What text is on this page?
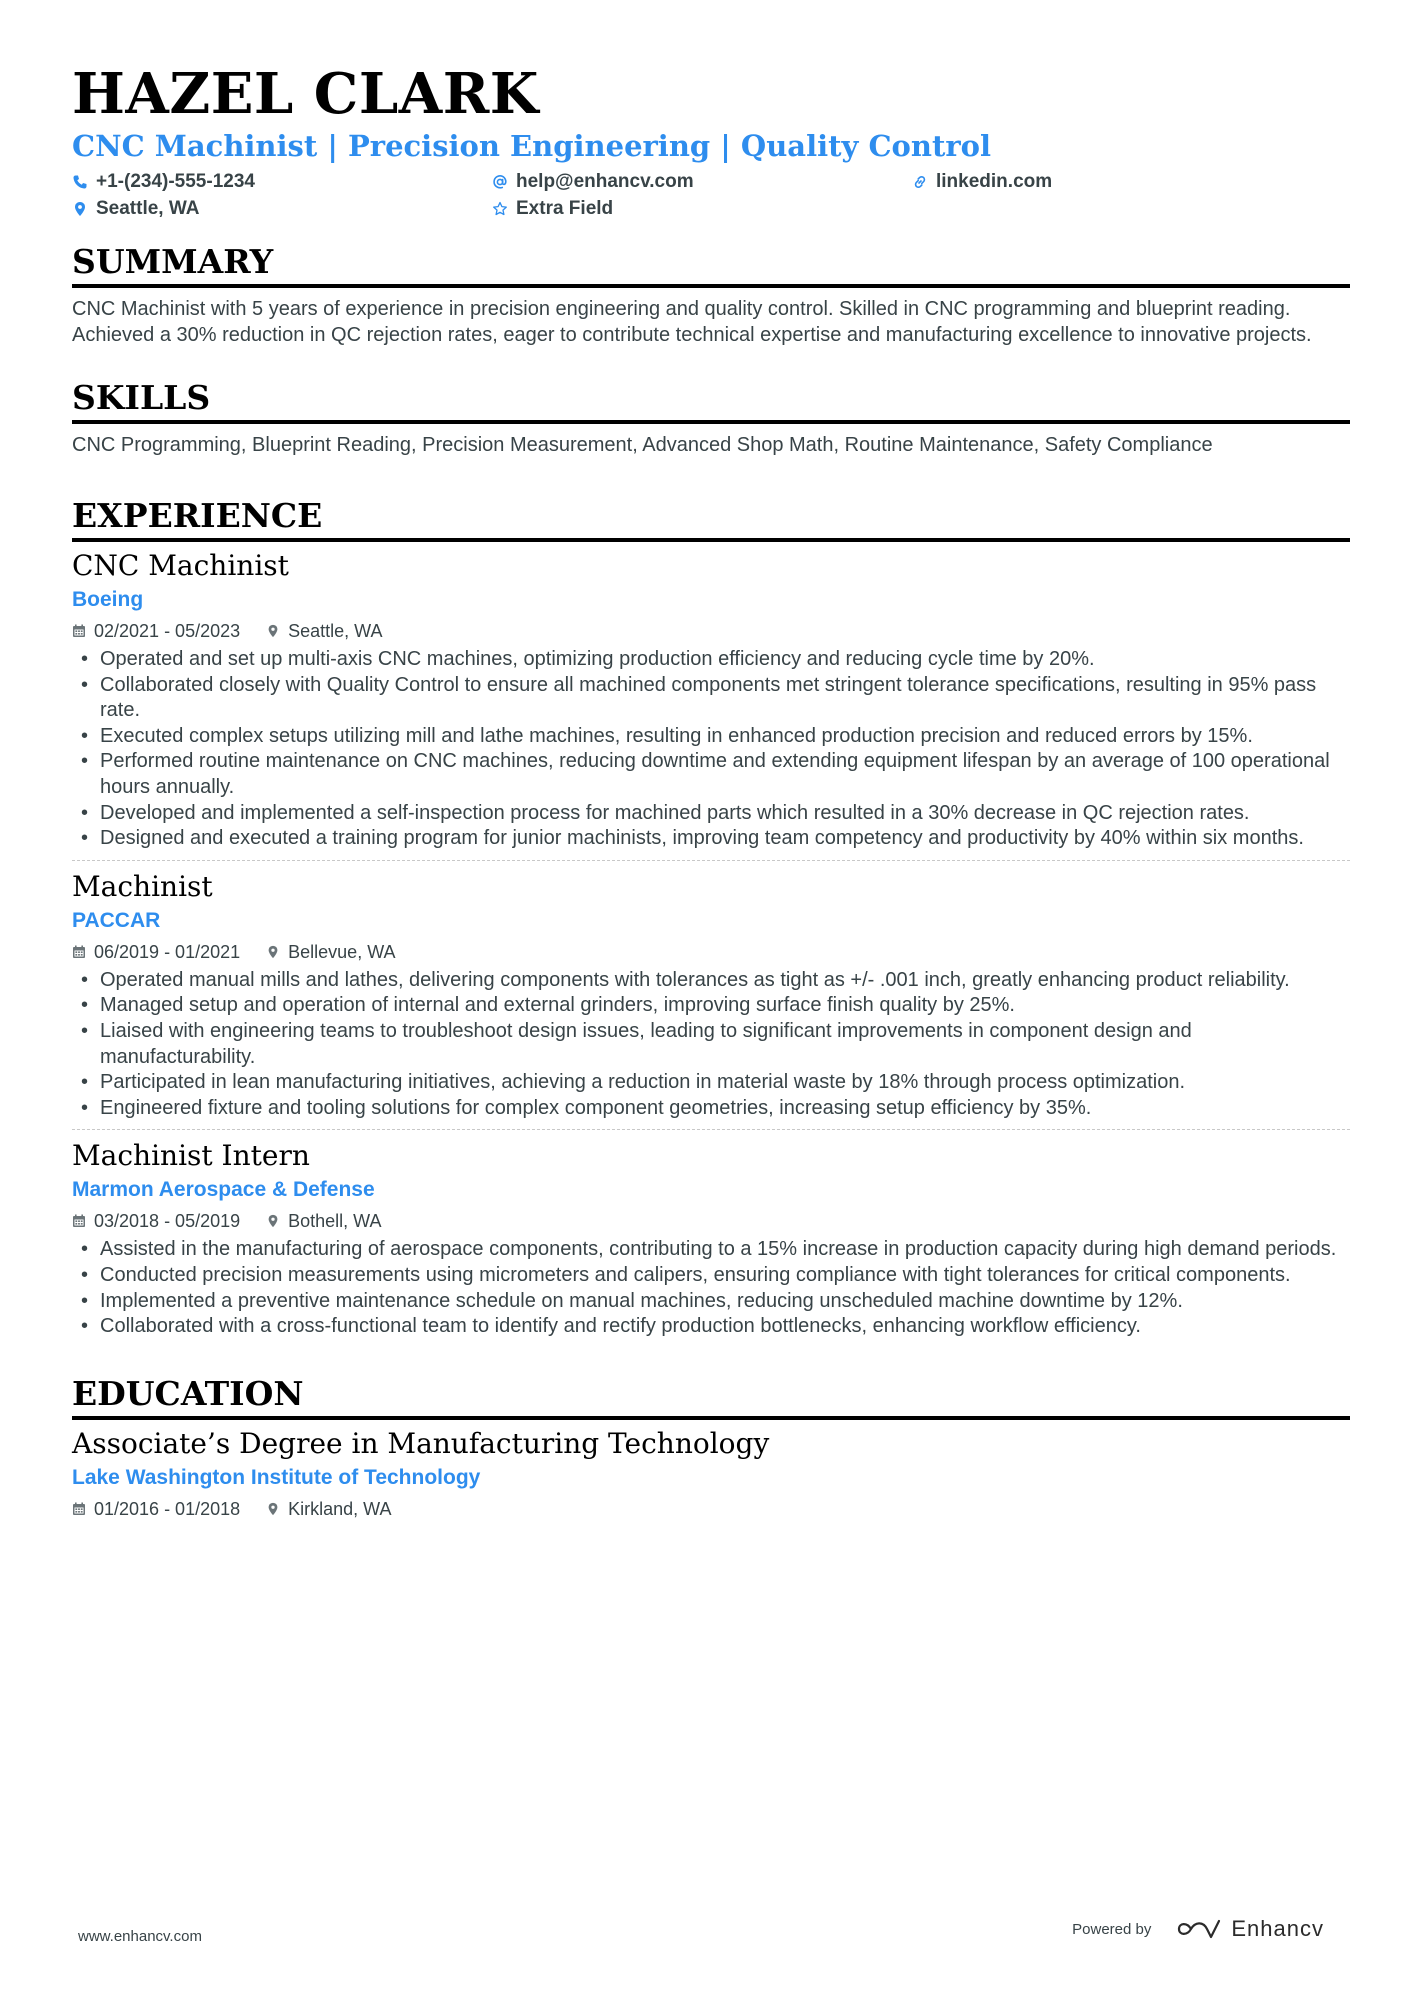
HAZEL CLARK
CNC Machinist | Precision Engineering | Quality Control
+1-(234)-555-1234	help@enhancv.com	linkedin.com
Seattle, WA	Extra Field
SUMMARY

CNC Machinist with 5 years of experience in precision engineering and quality control. Skilled in CNC programming and blueprint reading. Achieved a 30% reduction in QC rejection rates, eager to contribute technical expertise and manufacturing excellence to innovative projects.

SKILLS

CNC Programming, Blueprint Reading, Precision Measurement, Advanced Shop Math, Routine Maintenance, Safety Compliance

EXPERIENCE
CNC Machinist
Boeing
02/2021 - 05/2023	Seattle, WA
• Operated and set up multi-axis CNC machines, optimizing production efficiency and reducing cycle time by 20%.
• Collaborated closely with Quality Control to ensure all machined components met stringent tolerance specifications, resulting in 95% pass rate.
• Executed complex setups utilizing mill and lathe machines, resulting in enhanced production precision and reduced errors by 15%.
• Performed routine maintenance on CNC machines, reducing downtime and extending equipment lifespan by an average of 100 operational hours annually.
• Developed and implemented a self-inspection process for machined parts which resulted in a 30% decrease in QC rejection rates.
• Designed and executed a training program for junior machinists, improving team competency and productivity by 40% within six months.
Machinist
PACCAR
06/2019 - 01/2021	Bellevue, WA
• Operated manual mills and lathes, delivering components with tolerances as tight as +/- .001 inch, greatly enhancing product reliability.
• Managed setup and operation of internal and external grinders, improving surface finish quality by 25%.
• Liaised with engineering teams to troubleshoot design issues, leading to significant improvements in component design and manufacturability.
• Participated in lean manufacturing initiatives, achieving a reduction in material waste by 18% through process optimization.
• Engineered fixture and tooling solutions for complex component geometries, increasing setup efficiency by 35%.
Machinist Intern
Marmon Aerospace & Defense
03/2018 - 05/2019	Bothell, WA
• Assisted in the manufacturing of aerospace components, contributing to a 15% increase in production capacity during high demand periods.
• Conducted precision measurements using micrometers and calipers, ensuring compliance with tight tolerances for critical components.
• Implemented a preventive maintenance schedule on manual machines, reducing unscheduled machine downtime by 12%.
• Collaborated with a cross-functional team to identify and rectify production bottlenecks, enhancing workflow efficiency.
EDUCATION
Associate’s Degree in Manufacturing Technology
Lake Washington Institute of Technology
01/2016 - 01/2018	Kirkland, WA
www.enhancv.com	Powered by	Enhancv
